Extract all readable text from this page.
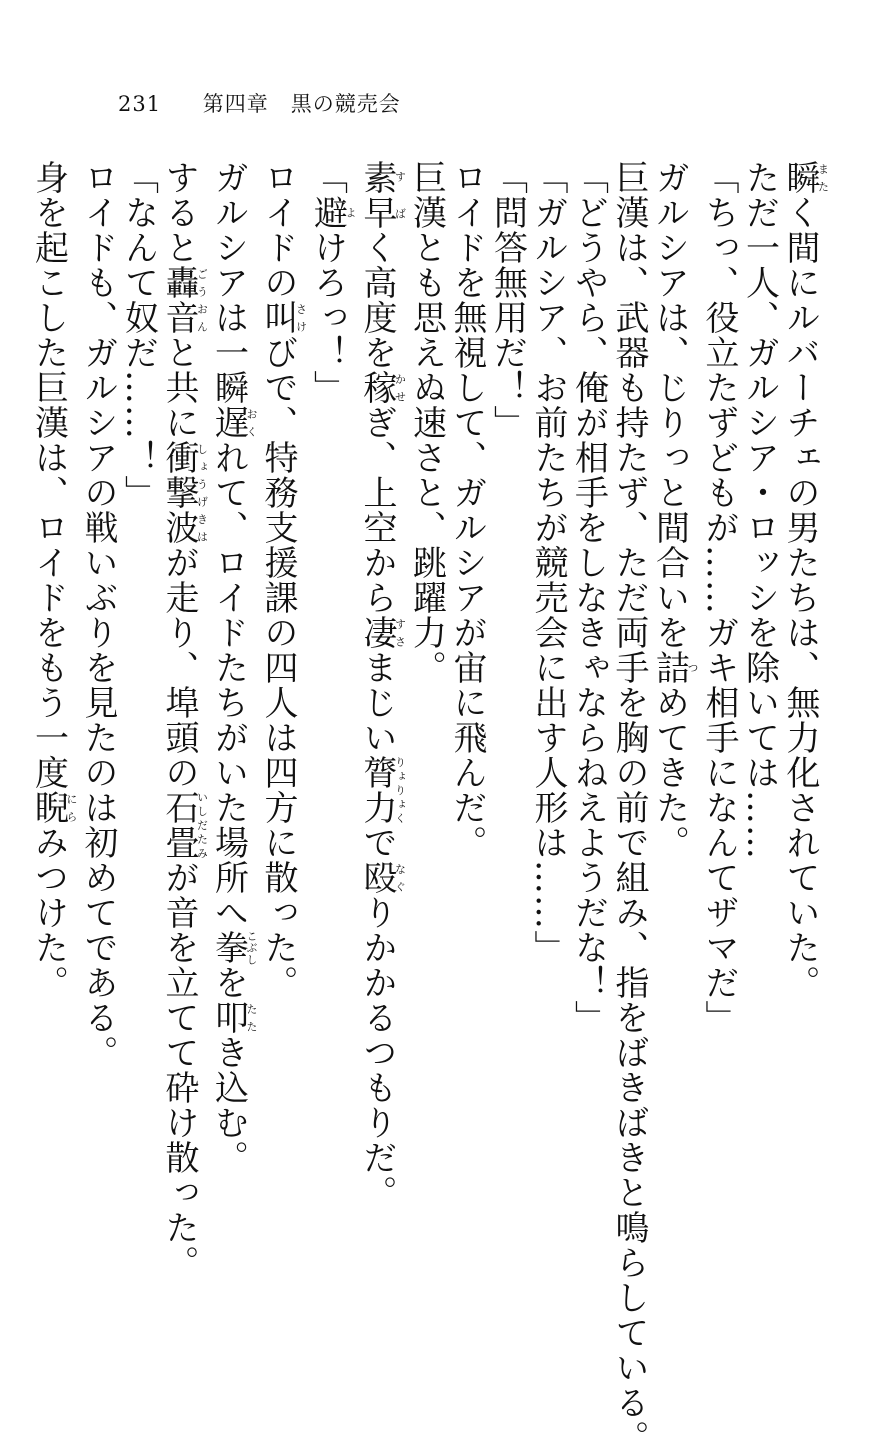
231 第四章　黒の競売会

瞬またく間にルバーチェの男たちは、無力化されていた。

ただ一人、ガルシア・ロッシを除いては……

「ちっ、役立たずどもが……ガキ相手になんてザマだ」

ガルシアは、じりっと間合いを詰つめてきた。

巨漢は、武器も持たず、ただ両手を胸の前で組み、指をばきばきと鳴らしている。

「どうやら、俺が相手をしなきゃならねえようだな！」

「ガルシア、お前たちが競売会に出す人形は……」

「問答無用だ！」

ロイドを無視して、ガルシアが宙に飛んだ。

巨漢とも思えぬ速さと、跳躍力。

素早すばく高度を稼かせぎ、上空から凄すさまじい膂力りょりょくで殴なぐりかかるつもりだ。

「避よけろっ！」

ロイドの叫さけびで、特務支援課の四人は四方に散った。

ガルシアは一瞬遅おくれて、ロイドたちがいた場所へ拳こぶしを叩たたき込む。

すると轟音ごうおんと共に衝撃波しょうげきはが走り、埠頭の石畳いしだたみが音を立てて砕け散った。

「なんて奴だ……！」

ロイドも、ガルシアの戦いぶりを見たのは初めてである。

身を起こした巨漢は、ロイドをもう一度睨にらみつけた。
